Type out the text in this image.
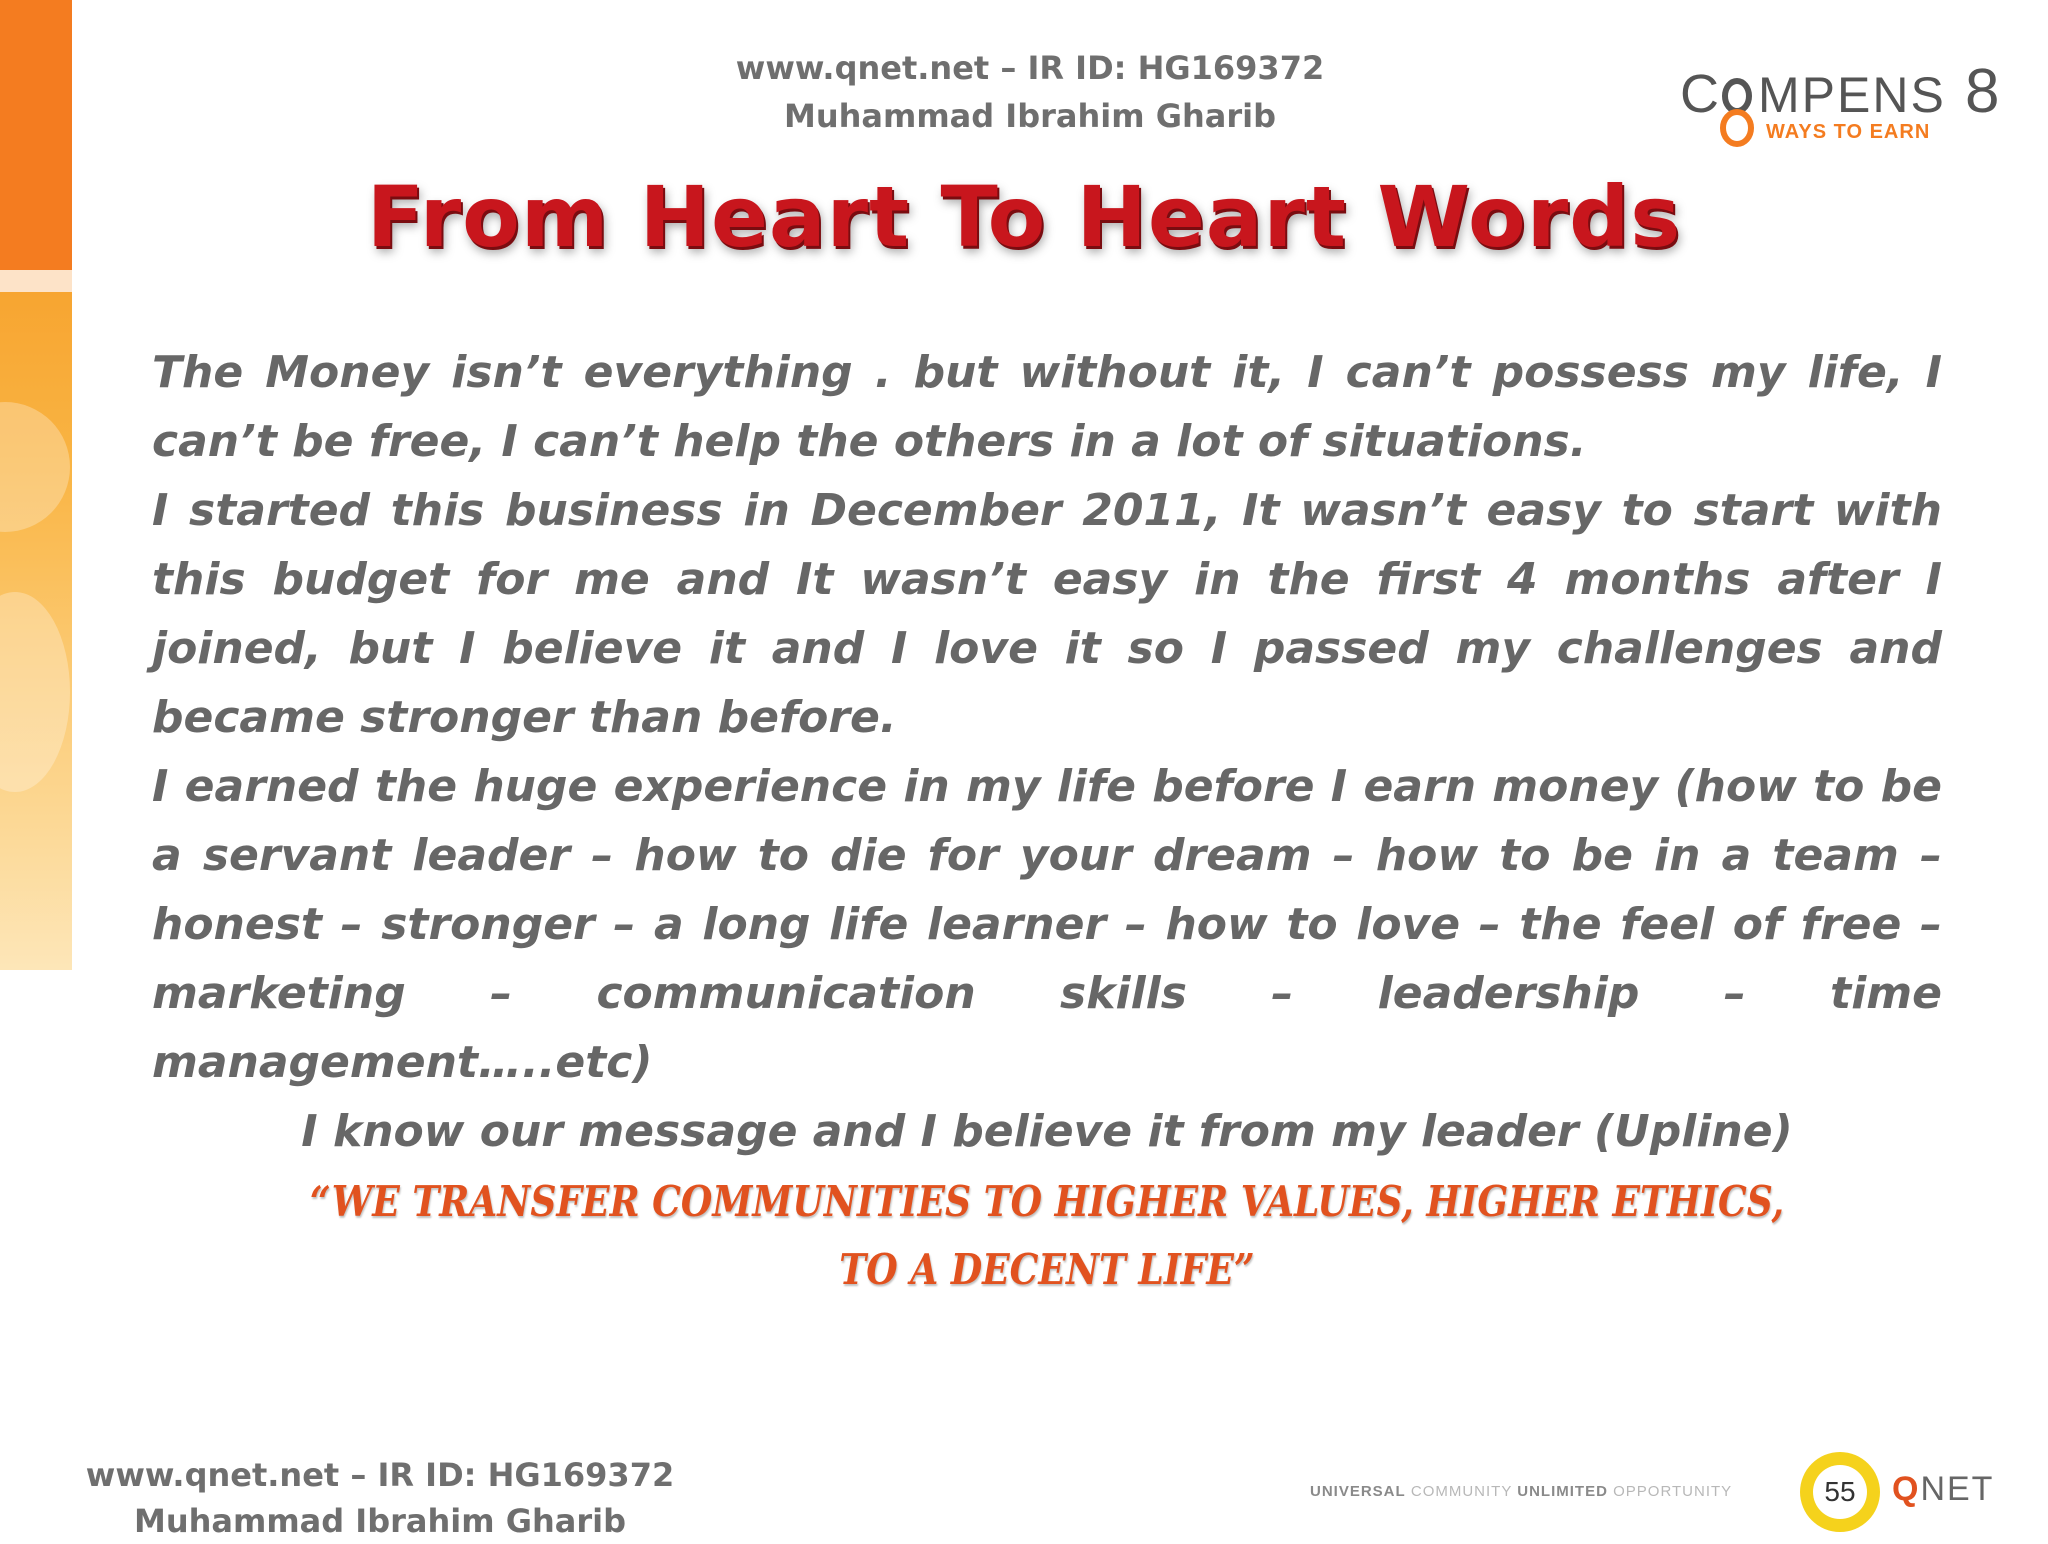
www.qnet.net – IR ID: HG169372
Muhammad Ibrahim Gharib	C MPENS 8
WAYS TO EARN
From Heart To Heart Words

The Money isn’t everything . but without it, I can’t possess my life, I can’t be free, I can’t help the others in a lot of situations.

I started this business in December 2011, It wasn’t easy to start with this budget for me and It wasn’t easy in the first 4 months after I joined, but I believe it and I love it so I passed my challenges and became stronger than before.

I earned the huge experience in my life before I earn money (how to be a servant leader – how to die for your dream – how to be in a team – honest – stronger – a long life learner – how to love – the feel of free – marketing – communication skills – leadership – time management…..etc)

I know our message and I believe it from my leader (Upline)

“WE TRANSFER COMMUNITIES TO HIGHER VALUES, HIGHER ETHICS, TO A DECENT LIFE”
www.qnet.net – IR ID: HG169372
Muhammad Ibrahim Gharib
UNIVERSAL COMMUNITY UNLIMITED OPPORTUNITY	55	QNET
